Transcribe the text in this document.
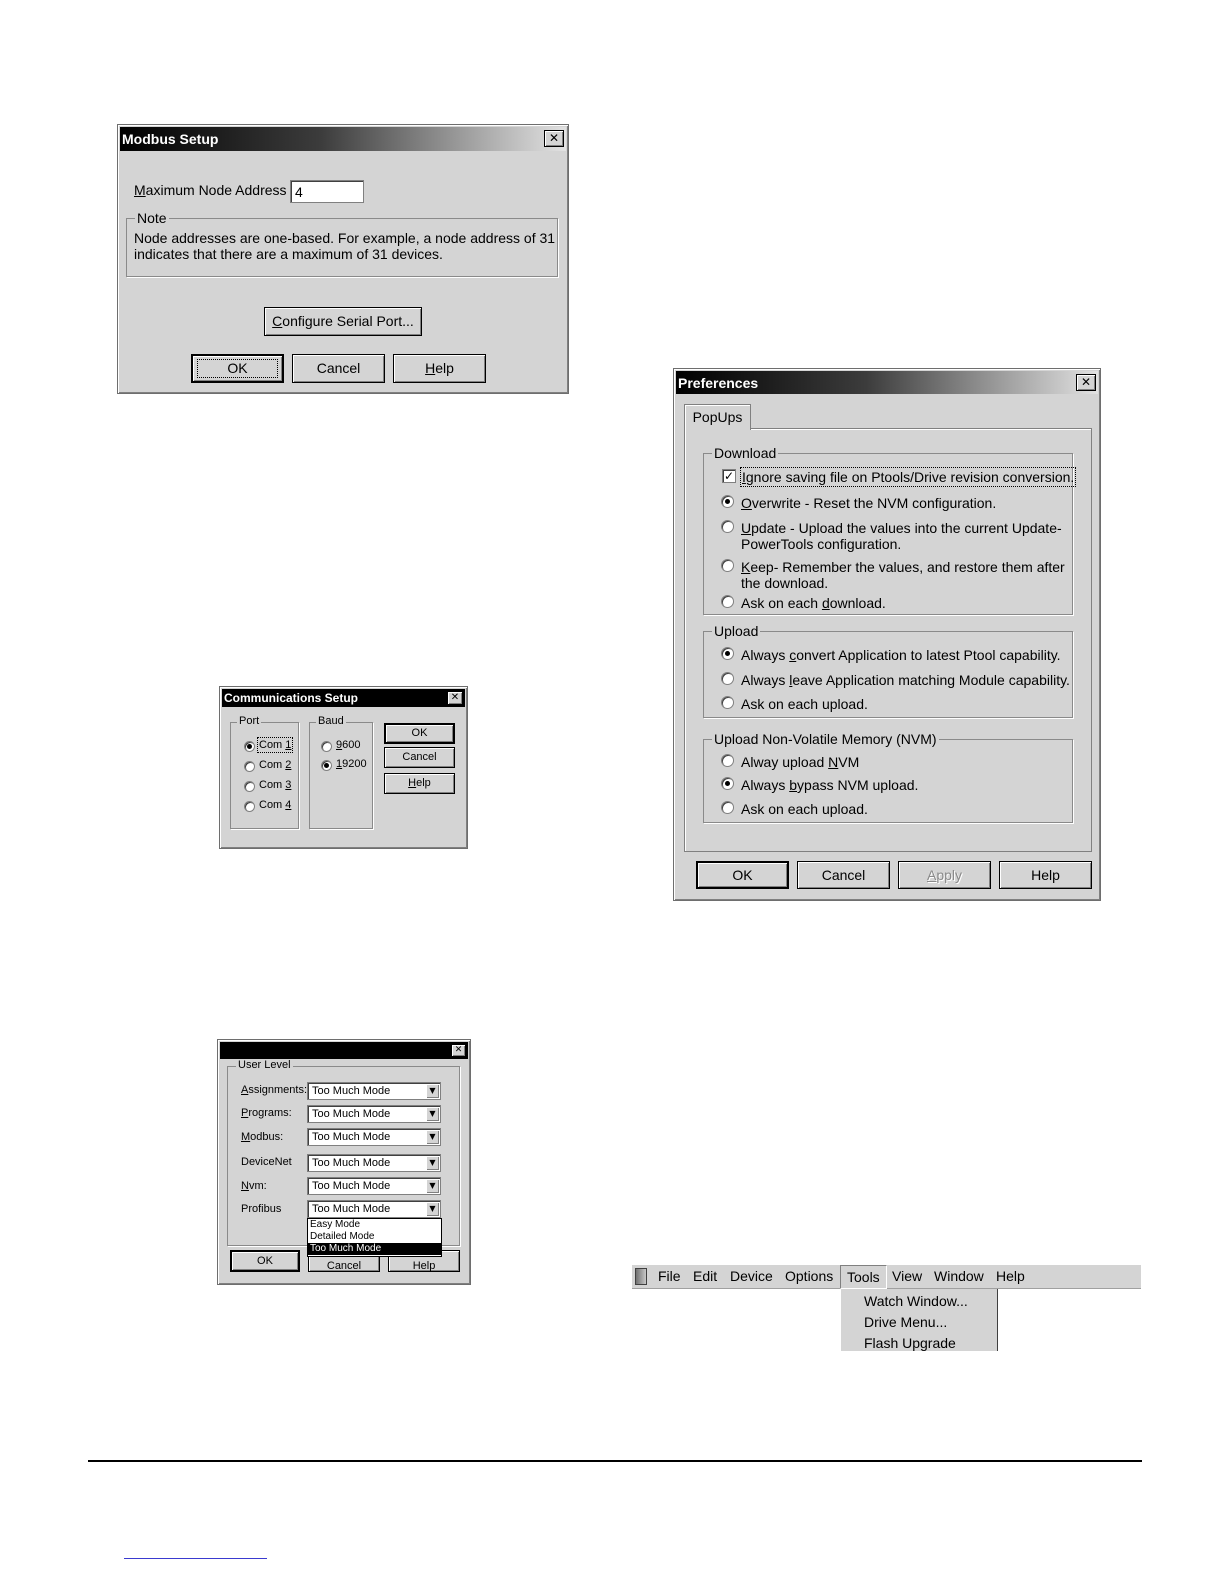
Modbus Setup	✕
Maximum Node Address 4
Note
Node addresses are one-based. For example, a node address of 31
indicates that there are a maximum of 31 devices.
Configure Serial Port...
OK	Cancel	Help
Communications Setup	✕
Port
Com 1
Com 2
Com 3
Com 4
Baud
9600
19200
OK
Cancel
Help
✕
User Level
Assignments: Too Much Mode	▼
Programs: Too Much Mode	▼
Modbus:	Too Much Mode	▼
DeviceNet Too Much Mode	▼
Nvm:	Too Much Mode	▼
Profibus	Too Much Mode	▼
OK	Cancel	Help
Easy Mode
Detailed Mode
Too Much Mode
Preferences	✕
PopUps
Download
✓ Ignore saving file on Ptools/Drive revision conversion.
Overwrite - Reset the NVM configuration.
Update - Upload the values into the current Update-
PowerTools configuration.
Keep- Remember the values, and restore them after
the download.
Ask on each download.
Upload
Always convert Application to latest Ptool capability.
Always leave Application matching Module capability.
Ask on each upload.
Upload Non-Volatile Memory (NVM)
Alway upload NVM
Always bypass NVM upload.
Ask on each upload.
OK	Cancel	Apply	Help
File Edit Device Options Tools View Window Help
Watch Window...
Drive Menu...
Flash Upgrade
